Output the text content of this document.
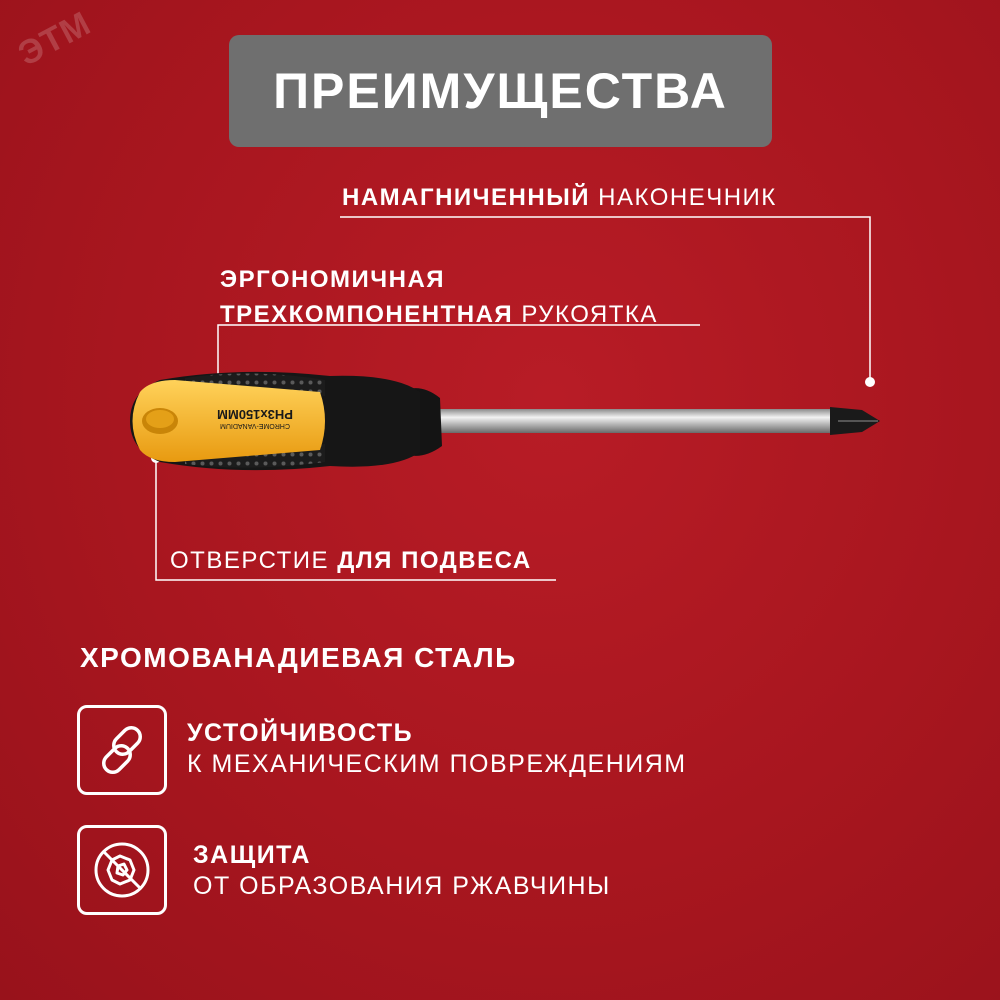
ЭТМ
ПРЕИМУЩЕСТВА
PH3x150MM
CHROME-VANADIUM
НАМАГНИЧЕННЫЙ НАКОНЕЧНИК
ЭРГОНОМИЧНАЯ
ТРЕХКОМПОНЕНТНАЯ РУКОЯТКА
ОТВЕРСТИЕ ДЛЯ ПОДВЕСА
ХРОМОВАНАДИЕВАЯ СТАЛЬ
УСТОЙЧИВОСТЬ
К МЕХАНИЧЕСКИМ ПОВРЕЖДЕНИЯМ
ЗАЩИТА
ОТ ОБРАЗОВАНИЯ РЖАВЧИНЫ
